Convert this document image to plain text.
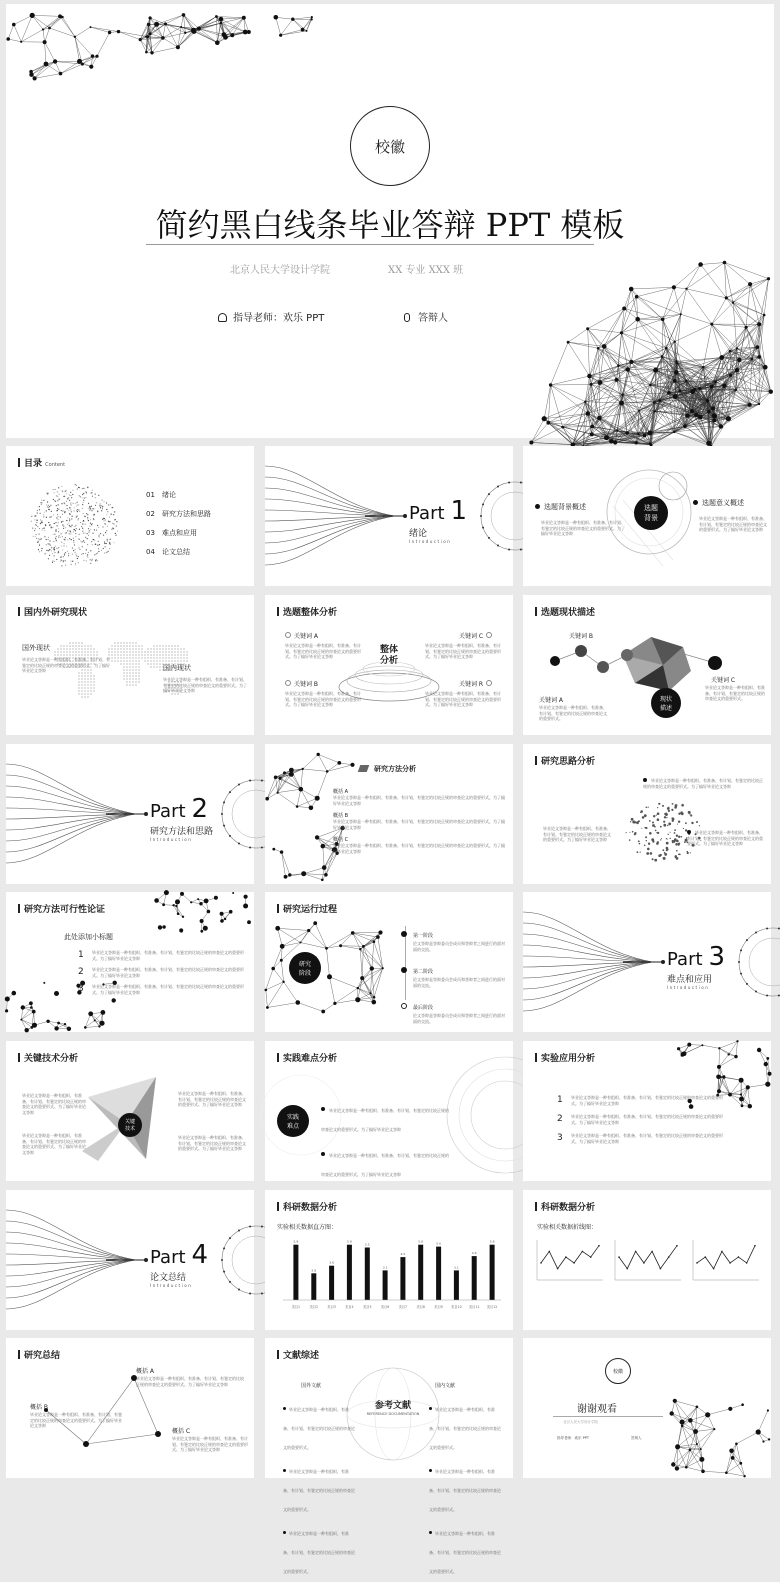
校徽
简约黑白线条毕业答辩 PPT 模板
北京人民大学设计学院	XX 专业 XXX 班
指导老师：欢乐 PPT	答辩人
目录 Content
01 绪论
02 研究方法和思路
03 难点和应用
04 论文总结
Part 1
绪论
Introduction
选题
背景
选题背景概述
毕业论文答辩是一种有组织、有准备、有计划、有鉴定的比较正规的审查论文的重要形式。为了搞好毕业论文答辩
选题意义概述
毕业论文答辩是一种有组织、有准备、有计划、有鉴定的比较正规的审查论文的重要形式。为了搞好毕业论文答辩
国内外研究现状
国外现状
毕业论文答辩是一种有组织、有准备、有计划、有鉴定的比较正规的审查论文的重要形式。为了搞好毕业论文答辩	国内现状
毕业论文答辩是一种有组织、有准备、有计划、有鉴定的比较正规的审查论文的重要形式。为了搞好毕业论文答辩
选题整体分析
整体
分析
关键词 A
毕业论文答辩是一种有组织、有准备、有计划、有鉴定的比较正规的审查论文的重要形式。为了搞好毕业论文答辩
关键词 B
毕业论文答辩是一种有组织、有准备、有计划、有鉴定的比较正规的审查论文的重要形式。为了搞好毕业论文答辩
关键词 C
毕业论文答辩是一种有组织、有准备、有计划、有鉴定的比较正规的审查论文的重要形式。为了搞好毕业论文答辩
关键词 R
毕业论文答辩是一种有组织、有准备、有计划、有鉴定的比较正规的审查论文的重要形式。为了搞好毕业论文答辩
选题现状描述
现状
描述
关键词 B
关键词 C
毕业论文答辩是一种有组织、有准备、有计划、有鉴定的比较正规的审查论文的重要形式。
关键词 A
毕业论文答辩是一种有组织、有准备、有计划、有鉴定的比较正规的审查论文的重要形式。
Part 2
研究方法和思路
Introduction
研究方法分析
概括 A
毕业论文答辩是一种有组织、有准备、有计划、有鉴定的比较正规的审查论文的重要形式。为了搞好毕业论文答辩
概括 B
毕业论文答辩是一种有组织、有准备、有计划、有鉴定的比较正规的审查论文的重要形式。为了搞好毕业论文答辩
概括 C
毕业论文答辩是一种有组织、有准备、有计划、有鉴定的比较正规的审查论文的重要形式。为了搞好毕业论文答辩
研究思路分析
毕业论文答辩是一种有组织、有准备、有计划、有鉴定的比较正规的审查论文的重要形式。为了搞好毕业论文答辩
毕业论文答辩是一种有组织、有准备、有计划、有鉴定的比较正规的审查论文的重要形式。为了搞好毕业论文答辩
毕业论文答辩是一种有组织、有准备、有计划、有鉴定的比较正规的审查论文的重要形式。为了搞好毕业论文答辩
研究方法可行性论证
此处添加小标题
1	毕业论文答辩是一种有组织、有准备、有计划、有鉴定的比较正规的审查论文的重要形式。为了搞好毕业论文答辩
2	毕业论文答辩是一种有组织、有准备、有计划、有鉴定的比较正规的审查论文的重要形式。为了搞好毕业论文答辩
3	毕业论文答辩是一种有组织、有准备、有计划、有鉴定的比较正规的审查论文的重要形式。为了搞好毕业论文答辩
研究运行过程
研究
阶段
第一阶段
论文答辩是答辩委员会成员和答辩者之间进行的面对面的交流。
第二阶段
论文答辩是答辩委员会成员和答辩者之间进行的面对面的交流。
最后阶段
论文答辩是答辩委员会成员和答辩者之间进行的面对面的交流。
Part 3
难点和应用
Introduction
关键技术分析
关键
技术
毕业论文答辩是一种有组织、有准备、有计划、有鉴定的比较正规的审查论文的重要形式。为了搞好毕业论文答辩
毕业论文答辩是一种有组织、有准备、有计划、有鉴定的比较正规的审查论文的重要形式。为了搞好毕业论文答辩
毕业论文答辩是一种有组织、有准备、有计划、有鉴定的比较正规的审查论文的重要形式。为了搞好毕业论文答辩
毕业论文答辩是一种有组织、有准备、有计划、有鉴定的比较正规的审查论文的重要形式。为了搞好毕业论文答辩
实践难点分析
实践
难点
毕业论文答辩是一种有组织、有准备、有计划、有鉴定的比较正规的审查论文的重要形式。为了搞好毕业论文答辩
毕业论文答辩是一种有组织、有准备、有计划、有鉴定的比较正规的审查论文的重要形式。为了搞好毕业论文答辩
实验应用分析
1	毕业论文答辩是一种有组织、有准备、有计划、有鉴定的比较正规的审查论文的重要形式。为了搞好毕业论文答辩
2	毕业论文答辩是一种有组织、有准备、有计划、有鉴定的比较正规的审查论文的重要形式。为了搞好毕业论文答辩
3	毕业论文答辩是一种有组织、有准备、有计划、有鉴定的比较正规的审查论文的重要形式。为了搞好毕业论文答辩
Part 4
论文总结
Introduction
科研数据分析
实验相关数据直方图：
5.8
类目1
2.8
类目2
3.6
类目3
5.8
类目4
5.5
类目5
3.1
类目6
4.5
类目7
5.8
类目8
5.6
类目9
3.1
类目10
4.6
类目11
5.8
类目12
科研数据分析
实验相关数据折线图：
研究总结
概括 A
毕业论文答辩是一种有组织、有准备、有计划、有鉴定的比较正规的审查论文的重要形式。为了搞好毕业论文答辩
概括 B
毕业论文答辩是一种有组织、有准备、有计划、有鉴定的比较正规的审查论文的重要形式。为了搞好毕业论文答辩
概括 C
毕业论文答辩是一种有组织、有准备、有计划、有鉴定的比较正规的审查论文的重要形式。为了搞好毕业论文答辩
文献综述
参考文献
REFERENCE DOCUMENTATION
国外文献	国内文献
毕业论文答辩是一种有组织、有准备、有计划、有鉴定的比较正规的审查论文的重要形式。
毕业论文答辩是一种有组织、有准备、有计划、有鉴定的比较正规的审查论文的重要形式。
毕业论文答辩是一种有组织、有准备、有计划、有鉴定的比较正规的审查论文的重要形式。
毕业论文答辩是一种有组织、有准备、有计划、有鉴定的比较正规的审查论文的重要形式。
毕业论文答辩是一种有组织、有准备、有计划、有鉴定的比较正规的审查论文的重要形式。
毕业论文答辩是一种有组织、有准备、有计划、有鉴定的比较正规的审查论文的重要形式。
校徽
谢谢观看
北京人民大学设计学院
指导老师：欢乐 PPT	答辩人
